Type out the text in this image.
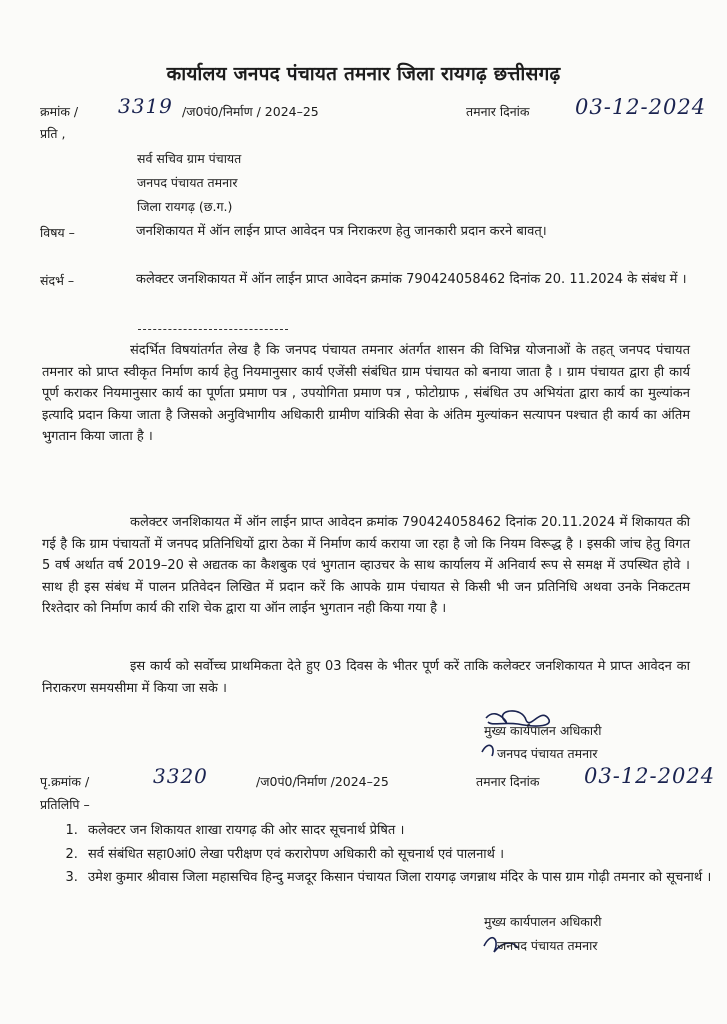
कार्यालय जनपद पंचायत तमनार जिला रायगढ़ छत्तीसगढ़
क्रमांक / 3319 /ज0पं0/निर्माण / 2024–25	तमनार दिनांक 03-12-2024
प्रति ,
सर्व सचिव ग्राम पंचायत
जनपद पंचायत तमनार
जिला रायगढ़ (छ.ग.)
विषय –	जनशिकायत में ऑन लाईन प्राप्त आवेदन पत्र निराकरण हेतु जानकारी प्रदान करने बावत्।
संदर्भ –	कलेक्टर जनशिकायत में ऑन लाईन प्राप्त आवेदन क्रमांक 790424058462 दिनांक 20. 11.2024 के संबंध में ।
संदर्भित विषयांतर्गत लेख है कि जनपद पंचायत तमनार अंतर्गत शासन की विभिन्न योजनाओं के तहत् जनपद पंचायत तमनार को प्राप्त स्वीकृत निर्माण कार्य हेतु नियमानुसार कार्य एजेंसी संबंधित ग्राम पंचायत को बनाया जाता है । ग्राम पंचायत द्वारा ही कार्य पूर्ण कराकर नियमानुसार कार्य का पूर्णता प्रमाण पत्र , उपयोगिता प्रमाण पत्र , फोटोग्राफ , संबंधित उप अभियंता द्वारा कार्य का मुल्यांकन इत्यादि प्रदान किया जाता है जिसको अनुविभागीय अधिकारी ग्रामीण यांत्रिकी सेवा के अंतिम मुल्यांकन सत्यापन पश्चात ही कार्य का अंतिम भुगतान किया जाता है ।
कलेक्टर जनशिकायत में ऑन लाईन प्राप्त आवेदन क्रमांक 790424058462 दिनांक 20.11.2024 में शिकायत की गई है कि ग्राम पंचायतों में जनपद प्रतिनिधियों द्वारा ठेका में निर्माण कार्य कराया जा रहा है जो कि नियम विरूद्ध है । इसकी जांच हेतु विगत 5 वर्ष अर्थात वर्ष 2019–20 से अद्यतक का कैशबुक एवं भुगतान व्हाउचर के साथ कार्यालय में अनिवार्य रूप से समक्ष में उपस्थित होवे । साथ ही इस संबंध में पालन प्रतिवेदन लिखित में प्रदान करें कि आपके ग्राम पंचायत से किसी भी जन प्रतिनिधि अथवा उनके निकटतम रिश्तेदार को निर्माण कार्य की राशि चेक द्वारा या ऑन लाईन भुगतान नही किया गया है ।
इस कार्य को सर्वोच्च प्राथमिकता देते हुए 03 दिवस के भीतर पूर्ण करें ताकि कलेक्टर जनशिकायत मे प्राप्त आवेदन का निराकरण समयसीमा में किया जा सके ।
मुख्य कार्यपालन अधिकारी
जनपद पंचायत तमनार
पृ.क्रमांक /	3320	/ज0पं0/निर्माण /2024–25	तमनार दिनांक 03-12-2024
प्रतिलिपि –
1. कलेक्टर जन शिकायत शाखा रायगढ़ की ओर सादर सूचनार्थ प्रेषित ।
2. सर्व संबंधित सहा0आं0 लेखा परीक्षण एवं करारोपण अधिकारी को सूचनार्थ एवं पालनार्थ ।
3. उमेश कुमार श्रीवास जिला महासचिव हिन्दु मजदूर किसान पंचायत जिला रायगढ़ जगन्नाथ मंदिर के पास ग्राम गोढ़ी तमनार को सूचनार्थ ।
मुख्य कार्यपालन अधिकारी
जनपद पंचायत तमनार
